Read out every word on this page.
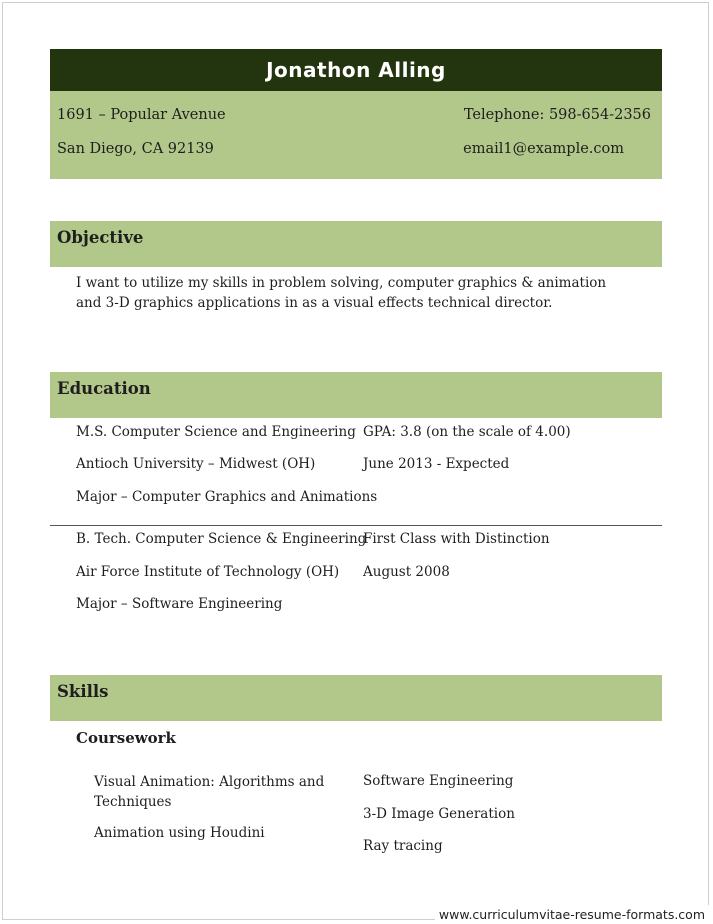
Jonathon Alling
1691 – Popular Avenue
San Diego, CA 92139
Telephone: 598-654-2356
email1@example.com
Objective
I want to utilize my skills in problem solving, computer graphics & animation and 3-D graphics applications in as a visual effects technical director.
Education
M.S. Computer Science and Engineering
Antioch University – Midwest (OH)
Major – Computer Graphics and Animations
GPA: 3.8 (on the scale of 4.00)
June 2013 - Expected
B. Tech. Computer Science & Engineering
Air Force Institute of Technology (OH)
Major – Software Engineering
First Class with Distinction
August 2008
Skills
Coursework
Visual Animation: Algorithms and Techniques
Animation using Houdini
Software Engineering
3-D Image Generation
Ray tracing
www.curriculumvitae-resume-formats.com
